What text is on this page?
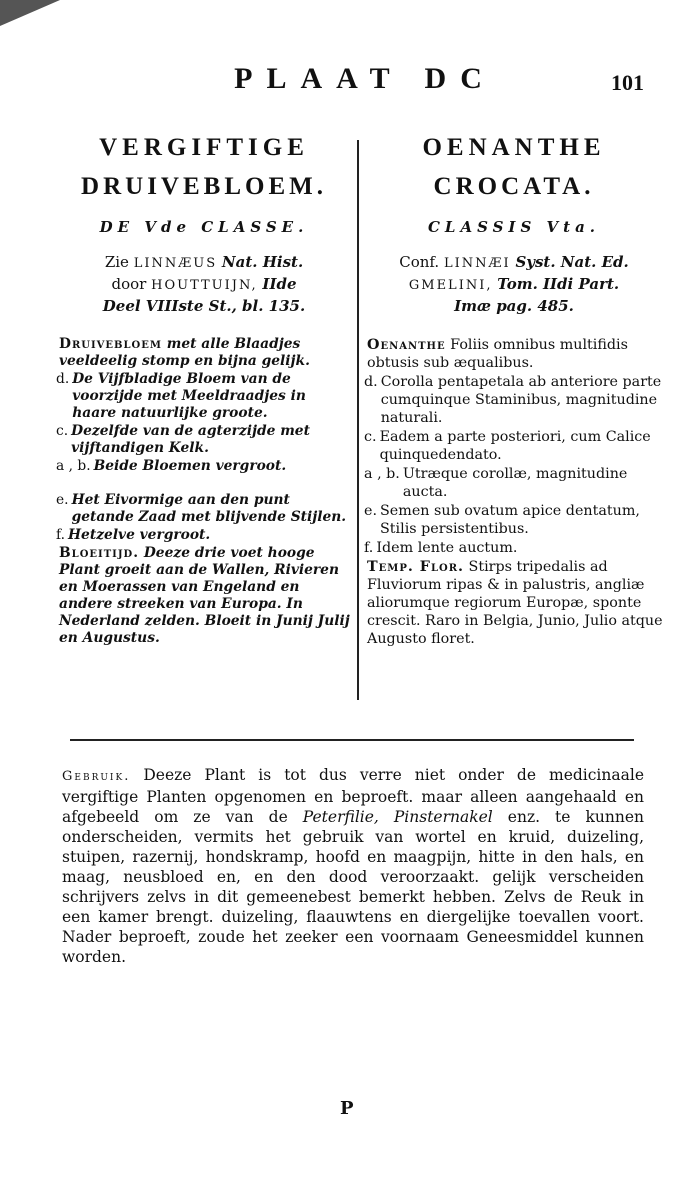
PLAAT DC	101
VERGIFTIGE
DRUIVEBLOEM.
DE Vde CLASSE.
Zie LINNÆUS Nat. Hist.
door HOUTTUIJN, IIde
Deel VIIIste St., bl. 135.
Druivebloem met alle Blaadjes veeldeelig stomp en bijna gelijk.
d. De Vijfbladige Bloem van de voorzijde met Meeldraadjes in haare natuurlijke groote.
c. Dezelfde van de agterzijde met vijftandigen Kelk.
a , b. Beide Bloemen vergroot.
e. Het Eivormige aan den punt getande Zaad met blijvende Stijlen.
f. Hetzelve vergroot.
Bloeitijd. Deeze drie voet hooge Plant groeit aan de Wallen, Rivieren en Moerassen van Engeland en andere streeken van Europa. In Nederland zelden. Bloeit in Junij Julij en Augustus.
OENANTHE
CROCATA.
CLASSIS Vta.
Conf. LINNÆI Syst. Nat. Ed.
GMELINI, Tom. IIdi Part.
Imæ pag. 485.
Oenanthe Foliis omnibus multifidis obtusis sub æqualibus.
d. Corolla pentapetala ab anteriore parte cumquinque Staminibus, magnitudine naturali.
c. Eadem a parte posteriori, cum Calice quinquedendato.
a , b. Utræque corollæ, magnitudine aucta.
e. Semen sub ovatum apice dentatum, Stilis persistentibus.
f. Idem lente auctum.
Temp. Flor. Stirps tripedalis ad Fluviorum ripas & in palustris, angliæ aliorumque regiorum Europæ, sponte crescit. Raro in Belgia, Junio, Julio atque Augusto floret.
Gebruik. Deeze Plant is tot dus verre niet onder de medicinaale vergiftige Planten opgenomen en beproeft. maar alleen aangehaald en afgebeeld om ze van de Peterfilie, Pinsternakel enz. te kunnen onderscheiden, vermits het gebruik van wortel en kruid, duizeling, stuipen, razernij, hondskramp, hoofd en maagpijn, hitte in den hals, en maag, neusbloed en, en den dood veroorzaakt. gelijk verscheiden schrijvers zelvs in dit gemeenebest bemerkt hebben. Zelvs de Reuk in een kamer brengt. duizeling, flaauwtens en diergelijke toevallen voort. Nader beproeft, zoude het zeeker een voornaam Geneesmiddel kunnen worden.
P
